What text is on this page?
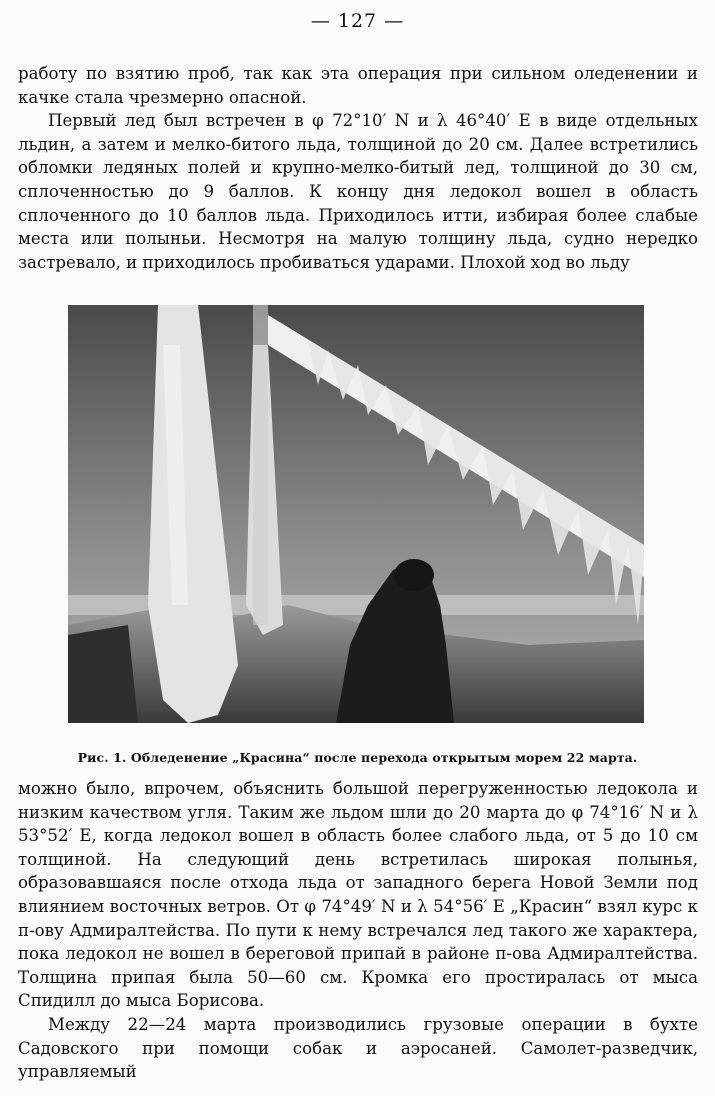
— 127 —

работу по взятию проб, так как эта операция при сильном оледенении и качке стала чрезмерно опасной.

Первый лед был встречен в φ 72°10′ N и λ 46°40′ E в виде отдельных льдин, а затем и мелко-битого льда, толщиной до 20 см. Далее встретились обломки ледяных полей и крупно-мелко-битый лед, толщиной до 30 см, сплоченностью до 9 баллов. К концу дня ледокол вошел в область сплоченного до 10 баллов льда. Приходилось итти, избирая более слабые места или полыньи. Несмотря на малую толщину льда, судно нередко застревало, и приходилось пробиваться ударами. Плохой ход во льду

Рис. 1. Обледенение „Красина“ после перехода открытым морем 22 марта.

можно было, впрочем, объяснить большой перегруженностью ледокола и низким качеством угля. Таким же льдом шли до 20 марта до φ 74°16′ N и λ 53°52′ E, когда ледокол вошел в область более слабого льда, от 5 до 10 см толщиной. На следующий день встретилась широкая полынья, образовавшаяся после отхода льда от западного берега Новой Земли под влиянием восточных ветров. От φ 74°49′ N и λ 54°56′ E „Красин“ взял курс к п-ову Адмиралтейства. По пути к нему встречался лед такого же характера, пока ледокол не вошел в береговой припай в районе п-ова Адмиралтейства. Толщина припая была 50—60 см. Кромка его простиралась от мыса Спидилл до мыса Борисова.

Между 22—24 марта производились грузовые операции в бухте Садовского при помощи собак и аэросаней. Самолет-разведчик, управляемый
